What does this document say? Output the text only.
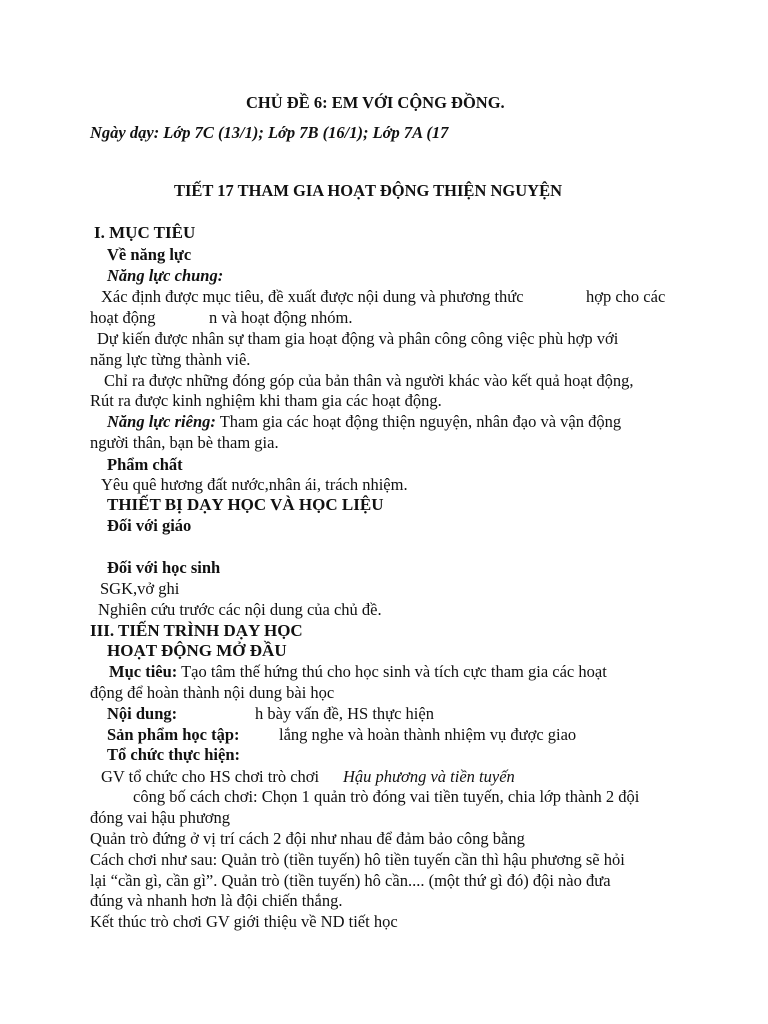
CHỦ ĐỀ 6: EM VỚI CỘNG ĐỒNG.
Ngày dạy: Lớp 7C (13/1); Lớp 7B (16/1); Lớp 7A (17
TIẾT 17 THAM GIA HOẠT ĐỘNG THIỆN NGUYỆN
I. MỤC TIÊU
Về năng lực
Năng lực chung:
Xác định được mục tiêu, đề xuất được nội dung và phương thức	hợp cho các
hoạt động	n và hoạt động nhóm.
Dự kiến được nhân sự tham gia hoạt động và phân công công việc phù hợp với
năng lực từng thành viê.
Chỉ ra được những đóng góp của bản thân và người khác vào kết quả hoạt động,
Rút ra được kinh nghiệm khi tham gia các hoạt động.
Năng lực riêng: Tham gia các hoạt động thiện nguyện, nhân đạo và vận động
người thân, bạn bè tham gia.
Phẩm chất
Yêu quê hương đất nước,nhân ái, trách nhiệm.
THIẾT BỊ DẠY HỌC VÀ HỌC LIỆU
Đối với giáo
Đối với học sinh
SGK,vở ghi
Nghiên cứu trước các nội dung của chủ đề.
III. TIẾN TRÌNH DẠY HỌC
HOẠT ĐỘNG MỞ ĐẦU
Mục tiêu: Tạo tâm thế hứng thú cho học sinh và tích cực tham gia các hoạt
động để hoàn thành nội dung bài học
Nội dung:	h bày vấn đề, HS thực hiện
Sản phẩm học tập: lắng nghe và hoàn thành nhiệm vụ được giao
Tổ chức thực hiện:
GV tổ chức cho HS chơi trò chơi Hậu phương và tiền tuyến
công bố cách chơi: Chọn 1 quản trò đóng vai tiền tuyến, chia lớp thành 2 đội
đóng vai hậu phương
Quản trò đứng ở vị trí cách 2 đội như nhau để đảm bảo công bằng
Cách chơi như sau: Quản trò (tiền tuyến) hô tiền tuyến cần thì hậu phương sẽ hỏi
lại “cần gì, cần gì”. Quản trò (tiền tuyến) hô cần.... (một thứ gì đó) đội nào đưa
đúng và nhanh hơn là đội chiến thắng.
Kết thúc trò chơi GV giới thiệu về ND tiết học
